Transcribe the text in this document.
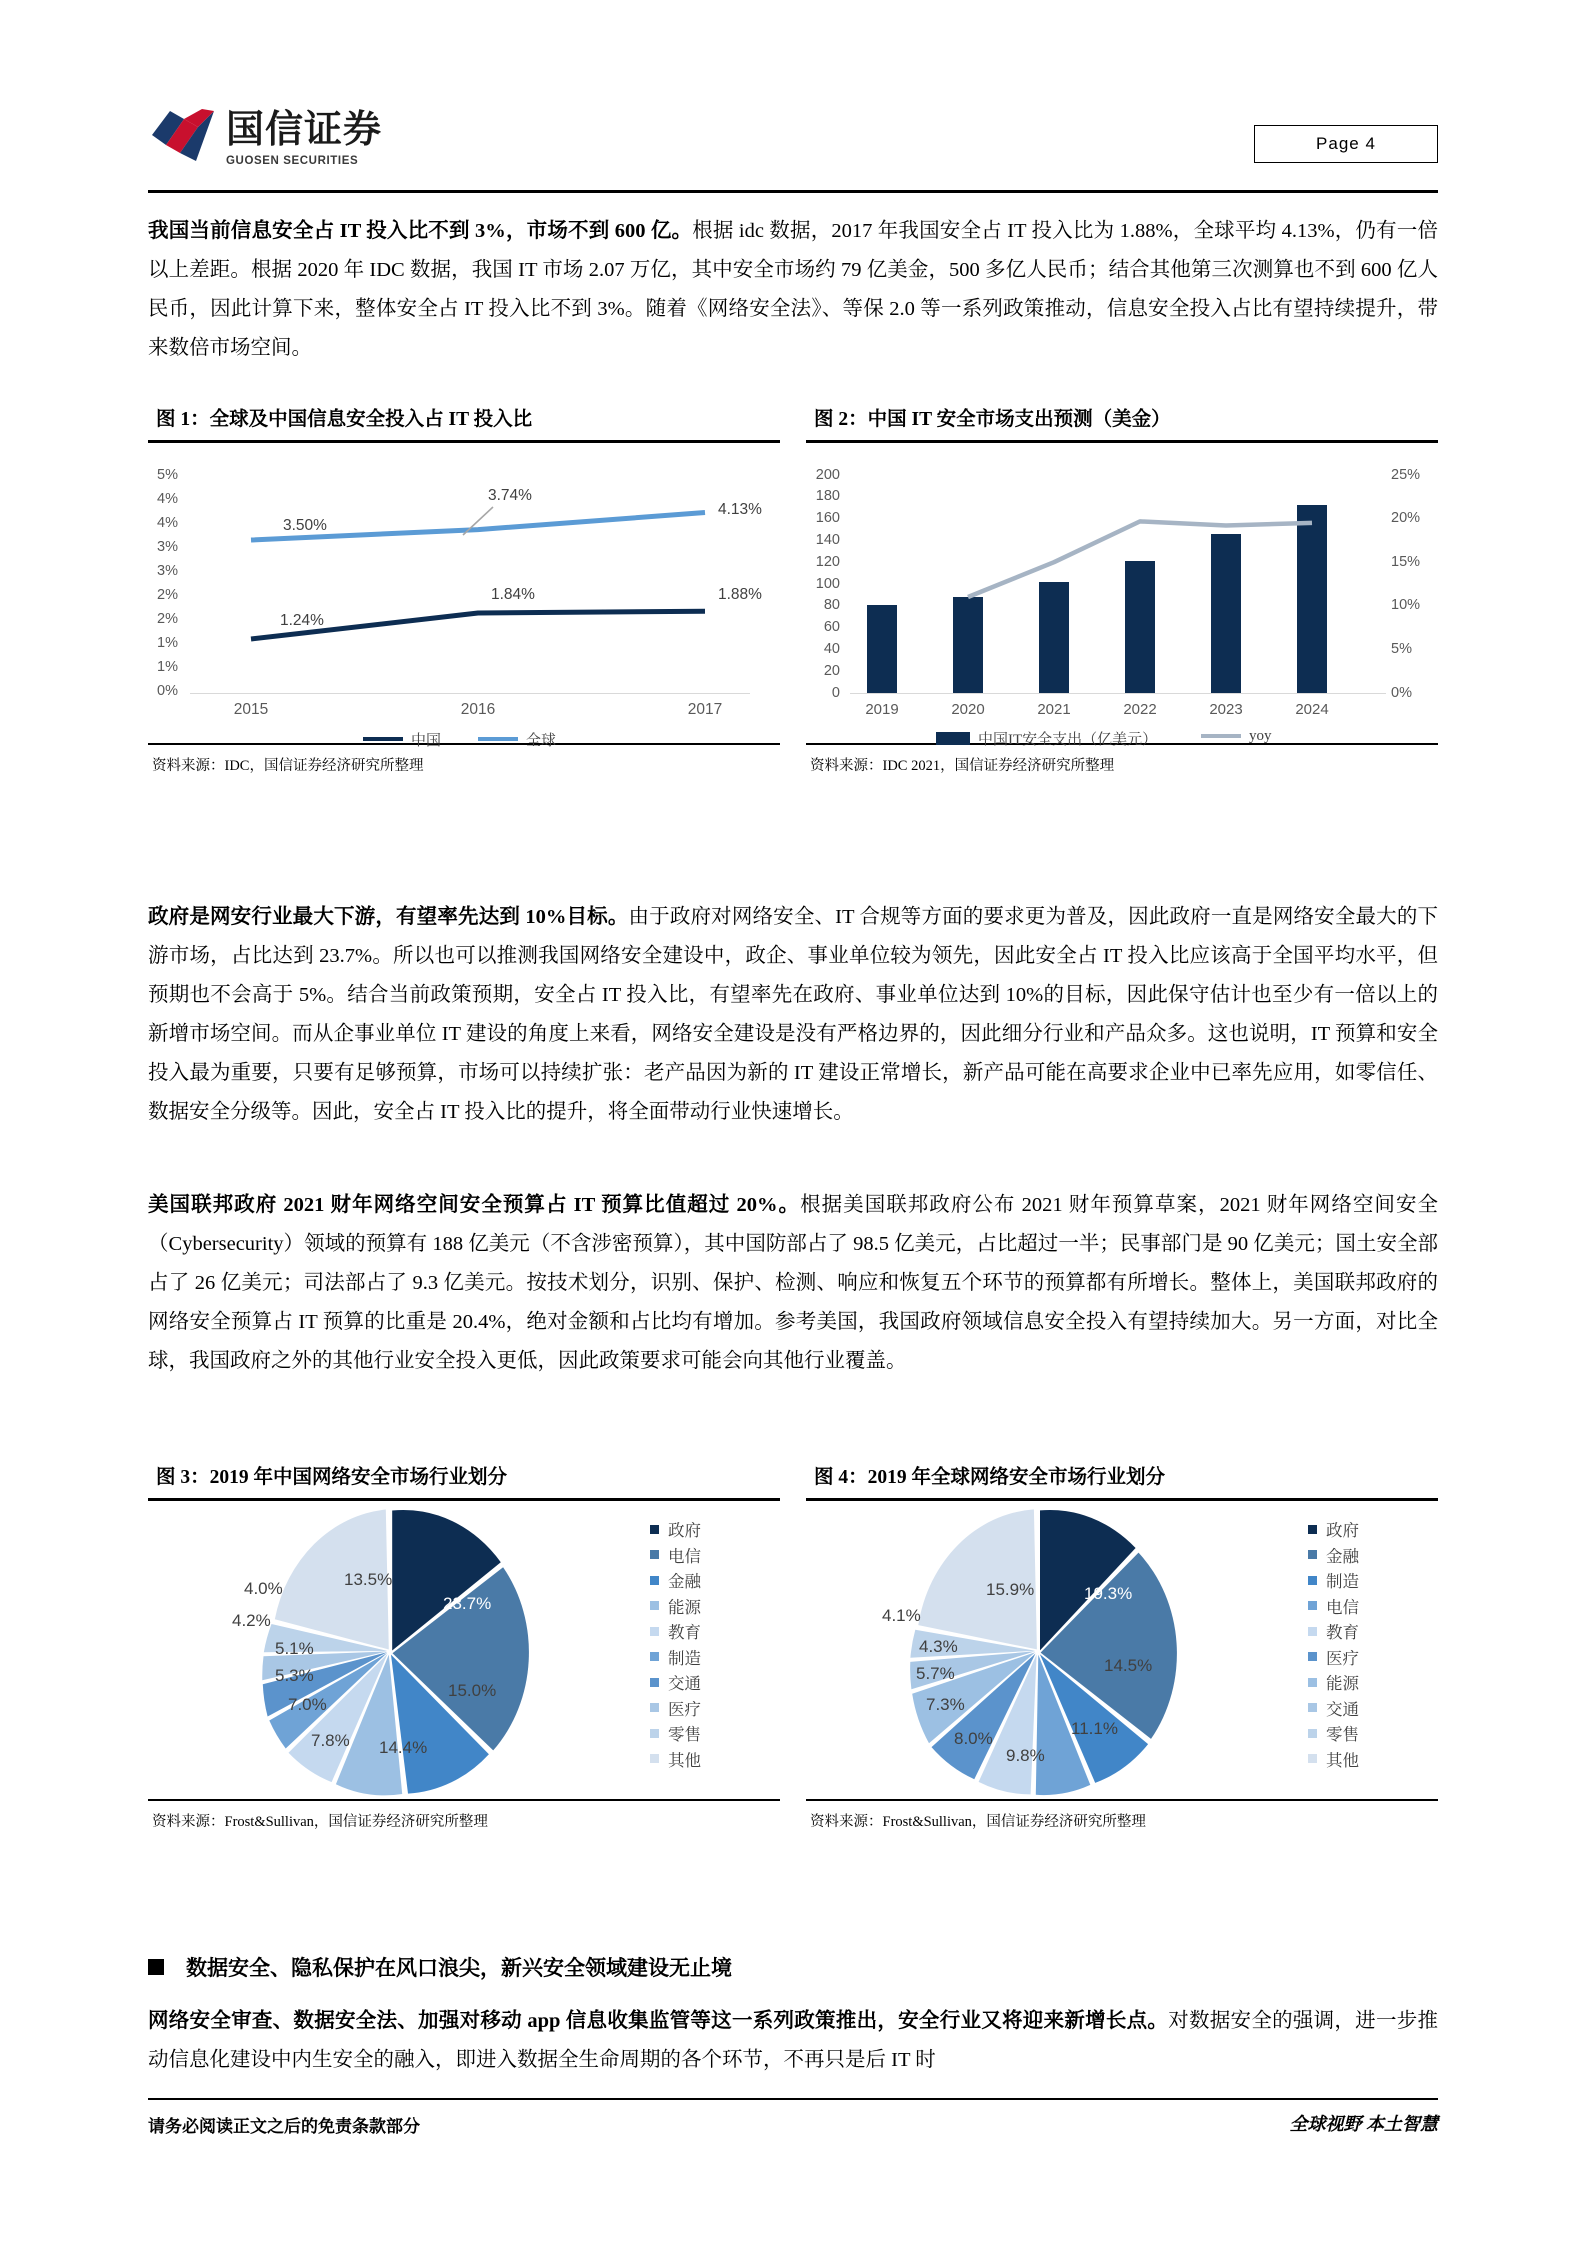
国信证券
GUOSEN SECURITIES
Page 4
我国当前信息安全占 IT 投入比不到 3%，市场不到 600 亿。根据 idc 数据，2017 年我国安全占 IT 投入比为 1.88%，全球平均 4.13%，仍有一倍以上差距。根据 2020 年 IDC 数据，我国 IT 市场 2.07 万亿，其中安全市场约 79 亿美金，500 多亿人民币；结合其他第三次测算也不到 600 亿人民币，因此计算下来，整体安全占 IT 投入比不到 3%。随着《网络安全法》、等保 2.0 等一系列政策推动，信息安全投入占比有望持续提升，带来数倍市场空间。
图 1：全球及中国信息安全投入占 IT 投入比
5%
4%
4%
3%
3%
2%
2%
1%
1%
0%
3.50%
3.74%
4.13%
1.24%
1.84%	1.88%
2015	2016	2017
中国	全球
资料来源：IDC，国信证券经济研究所整理
图 2：中国 IT 安全市场支出预测（美金）
200
180
160
140
120
100
80
60
40
20
0
25%
20%
15%
10%
5%
0%
2019	2020	2021	2022	2023	2024
中国IT安全支出（亿美元）	yoy
资料来源：IDC 2021，国信证券经济研究所整理
政府是网安行业最大下游，有望率先达到 10%目标。由于政府对网络安全、IT 合规等方面的要求更为普及，因此政府一直是网络安全最大的下游市场，占比达到 23.7%。所以也可以推测我国网络安全建设中，政企、事业单位较为领先，因此安全占 IT 投入比应该高于全国平均水平，但预期也不会高于 5%。结合当前政策预期，安全占 IT 投入比，有望率先在政府、事业单位达到 10%的目标，因此保守估计也至少有一倍以上的新增市场空间。而从企事业单位 IT 建设的角度上来看，网络安全建设是没有严格边界的，因此细分行业和产品众多。这也说明，IT 预算和安全投入最为重要，只要有足够预算，市场可以持续扩张：老产品因为新的 IT 建设正常增长，新产品可能在高要求企业中已率先应用，如零信任、数据安全分级等。因此，安全占 IT 投入比的提升，将全面带动行业快速增长。
美国联邦政府 2021 财年网络空间安全预算占 IT 预算比值超过 20%。根据美国联邦政府公布 2021 财年预算草案，2021 财年网络空间安全（Cybersecurity）领域的预算有 188 亿美元（不含涉密预算），其中国防部占了 98.5 亿美元，占比超过一半；民事部门是 90 亿美元；国土安全部占了 26 亿美元；司法部占了 9.3 亿美元。按技术划分，识别、保护、检测、响应和恢复五个环节的预算都有所增长。整体上，美国联邦政府的网络安全预算占 IT 预算的比重是 20.4%，绝对金额和占比均有增加。参考美国，我国政府领域信息安全投入有望持续加大。另一方面，对比全球，我国政府之外的其他行业安全投入更低，因此政策要求可能会向其他行业覆盖。
图 3：2019 年中国网络安全市场行业划分
23.7%
15.0%
14.4%
7.8%
7.0%
5.3%
5.1%
4.2%
4.0%	13.5%
政府
电信
金融
能源
教育
制造
交通
医疗
零售
其他
资料来源：Frost&Sullivan，国信证券经济研究所整理
图 4：2019 年全球网络安全市场行业划分
19.3%
14.5%
11.1%
9.8%
8.0%
7.3%
5.7%
4.3%
4.1%
15.9%
政府
金融
制造
电信
教育
医疗
能源
交通
零售
其他
资料来源：Frost&Sullivan，国信证券经济研究所整理
数据安全、隐私保护在风口浪尖，新兴安全领域建设无止境
网络安全审查、数据安全法、加强对移动 app 信息收集监管等这一系列政策推出，安全行业又将迎来新增长点。对数据安全的强调，进一步推动信息化建设中内生安全的融入，即进入数据全生命周期的各个环节，不再只是后 IT 时
请务必阅读正文之后的免责条款部分	全球视野 本土智慧
